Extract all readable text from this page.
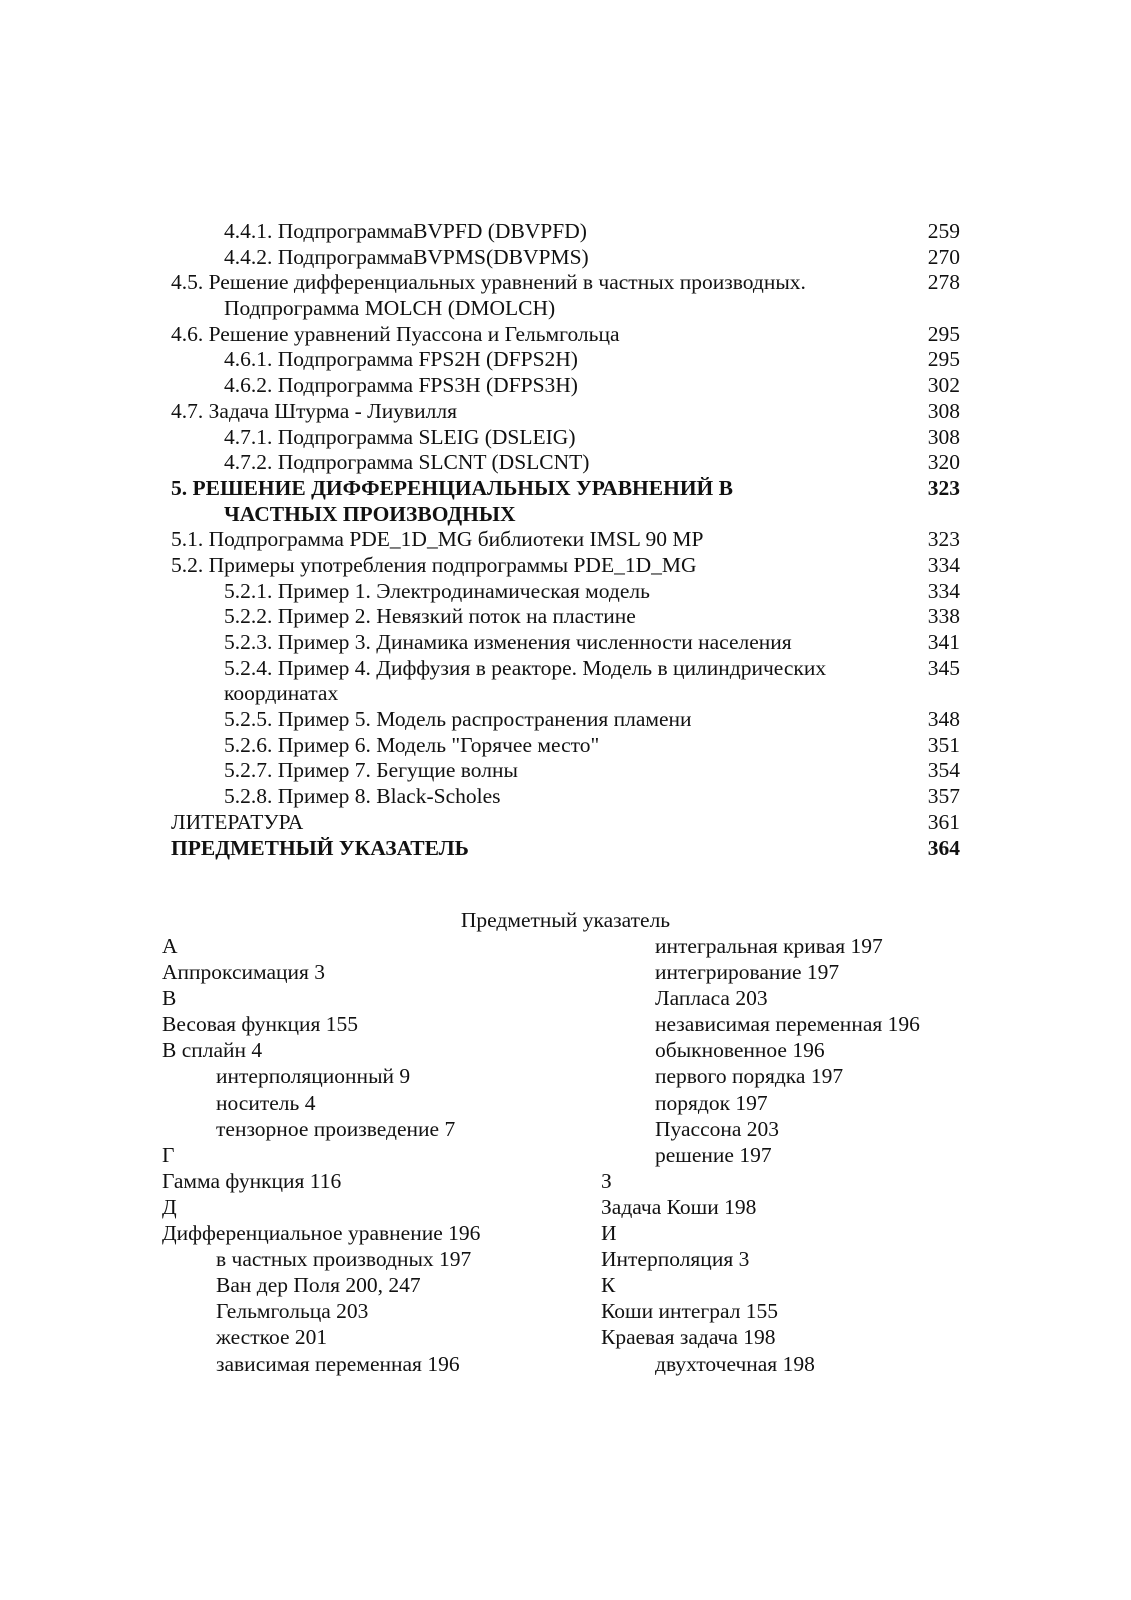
4.4.1. ПодпрограммаBVPFD (DBVPFD)	259
4.4.2. ПодпрограммаBVPMS(DBVPMS)	270
4.5. Решение дифференциальных уравнений в частных производных.	278
Подпрограмма MOLCH (DMOLCH)
4.6. Решение уравнений Пуассона и Гельмгольца	295
4.6.1. Подпрограмма FPS2H (DFPS2H)	295
4.6.2. Подпрограмма FPS3H (DFPS3H)	302
4.7. Задача Штурма - Лиувилля	308
4.7.1. Подпрограмма SLEIG (DSLEIG)	308
4.7.2. Подпрограмма SLCNT (DSLCNT)	320
5. РЕШЕНИЕ ДИФФЕРЕНЦИАЛЬНЫХ УРАВНЕНИЙ В	323
ЧАСТНЫХ ПРОИЗВОДНЫХ
5.1. Подпрограмма PDE_1D_MG библиотеки IMSL 90 MP	323
5.2. Примеры употребления подпрограммы PDE_1D_MG	334
5.2.1. Пример 1. Электродинамическая модель	334
5.2.2. Пример 2. Невязкий поток на пластине	338
5.2.3. Пример 3. Динамика изменения численности населения	341
5.2.4. Пример 4. Диффузия в реакторе. Модель в цилиндрических	345
координатах
5.2.5. Пример 5. Модель распространения пламени	348
5.2.6. Пример 6. Модель "Горячее место"	351
5.2.7. Пример 7. Бегущие волны	354
5.2.8. Пример 8. Black-Scholes	357
ЛИТЕРАТУРА	361
ПРЕДМЕТНЫЙ УКАЗАТЕЛЬ	364
Предметный указатель
А
Аппроксимация 3
В
Весовая функция 155
В сплайн 4
интерполяционный 9
носитель 4
тензорное произведение 7
Г
Гамма функция 116
Д
Дифференциальное уравнение 196
в частных производных 197
Ван дер Поля 200, 247
Гельмгольца 203
жесткое 201
зависимая переменная 196
интегральная кривая 197
интегрирование 197
Лапласа 203
независимая переменная 196
обыкновенное 196
первого порядка 197
порядок 197
Пуассона 203
решение 197
З
Задача Коши 198
И
Интерполяция 3
К
Коши интеграл 155
Краевая задача 198
двухточечная 198
